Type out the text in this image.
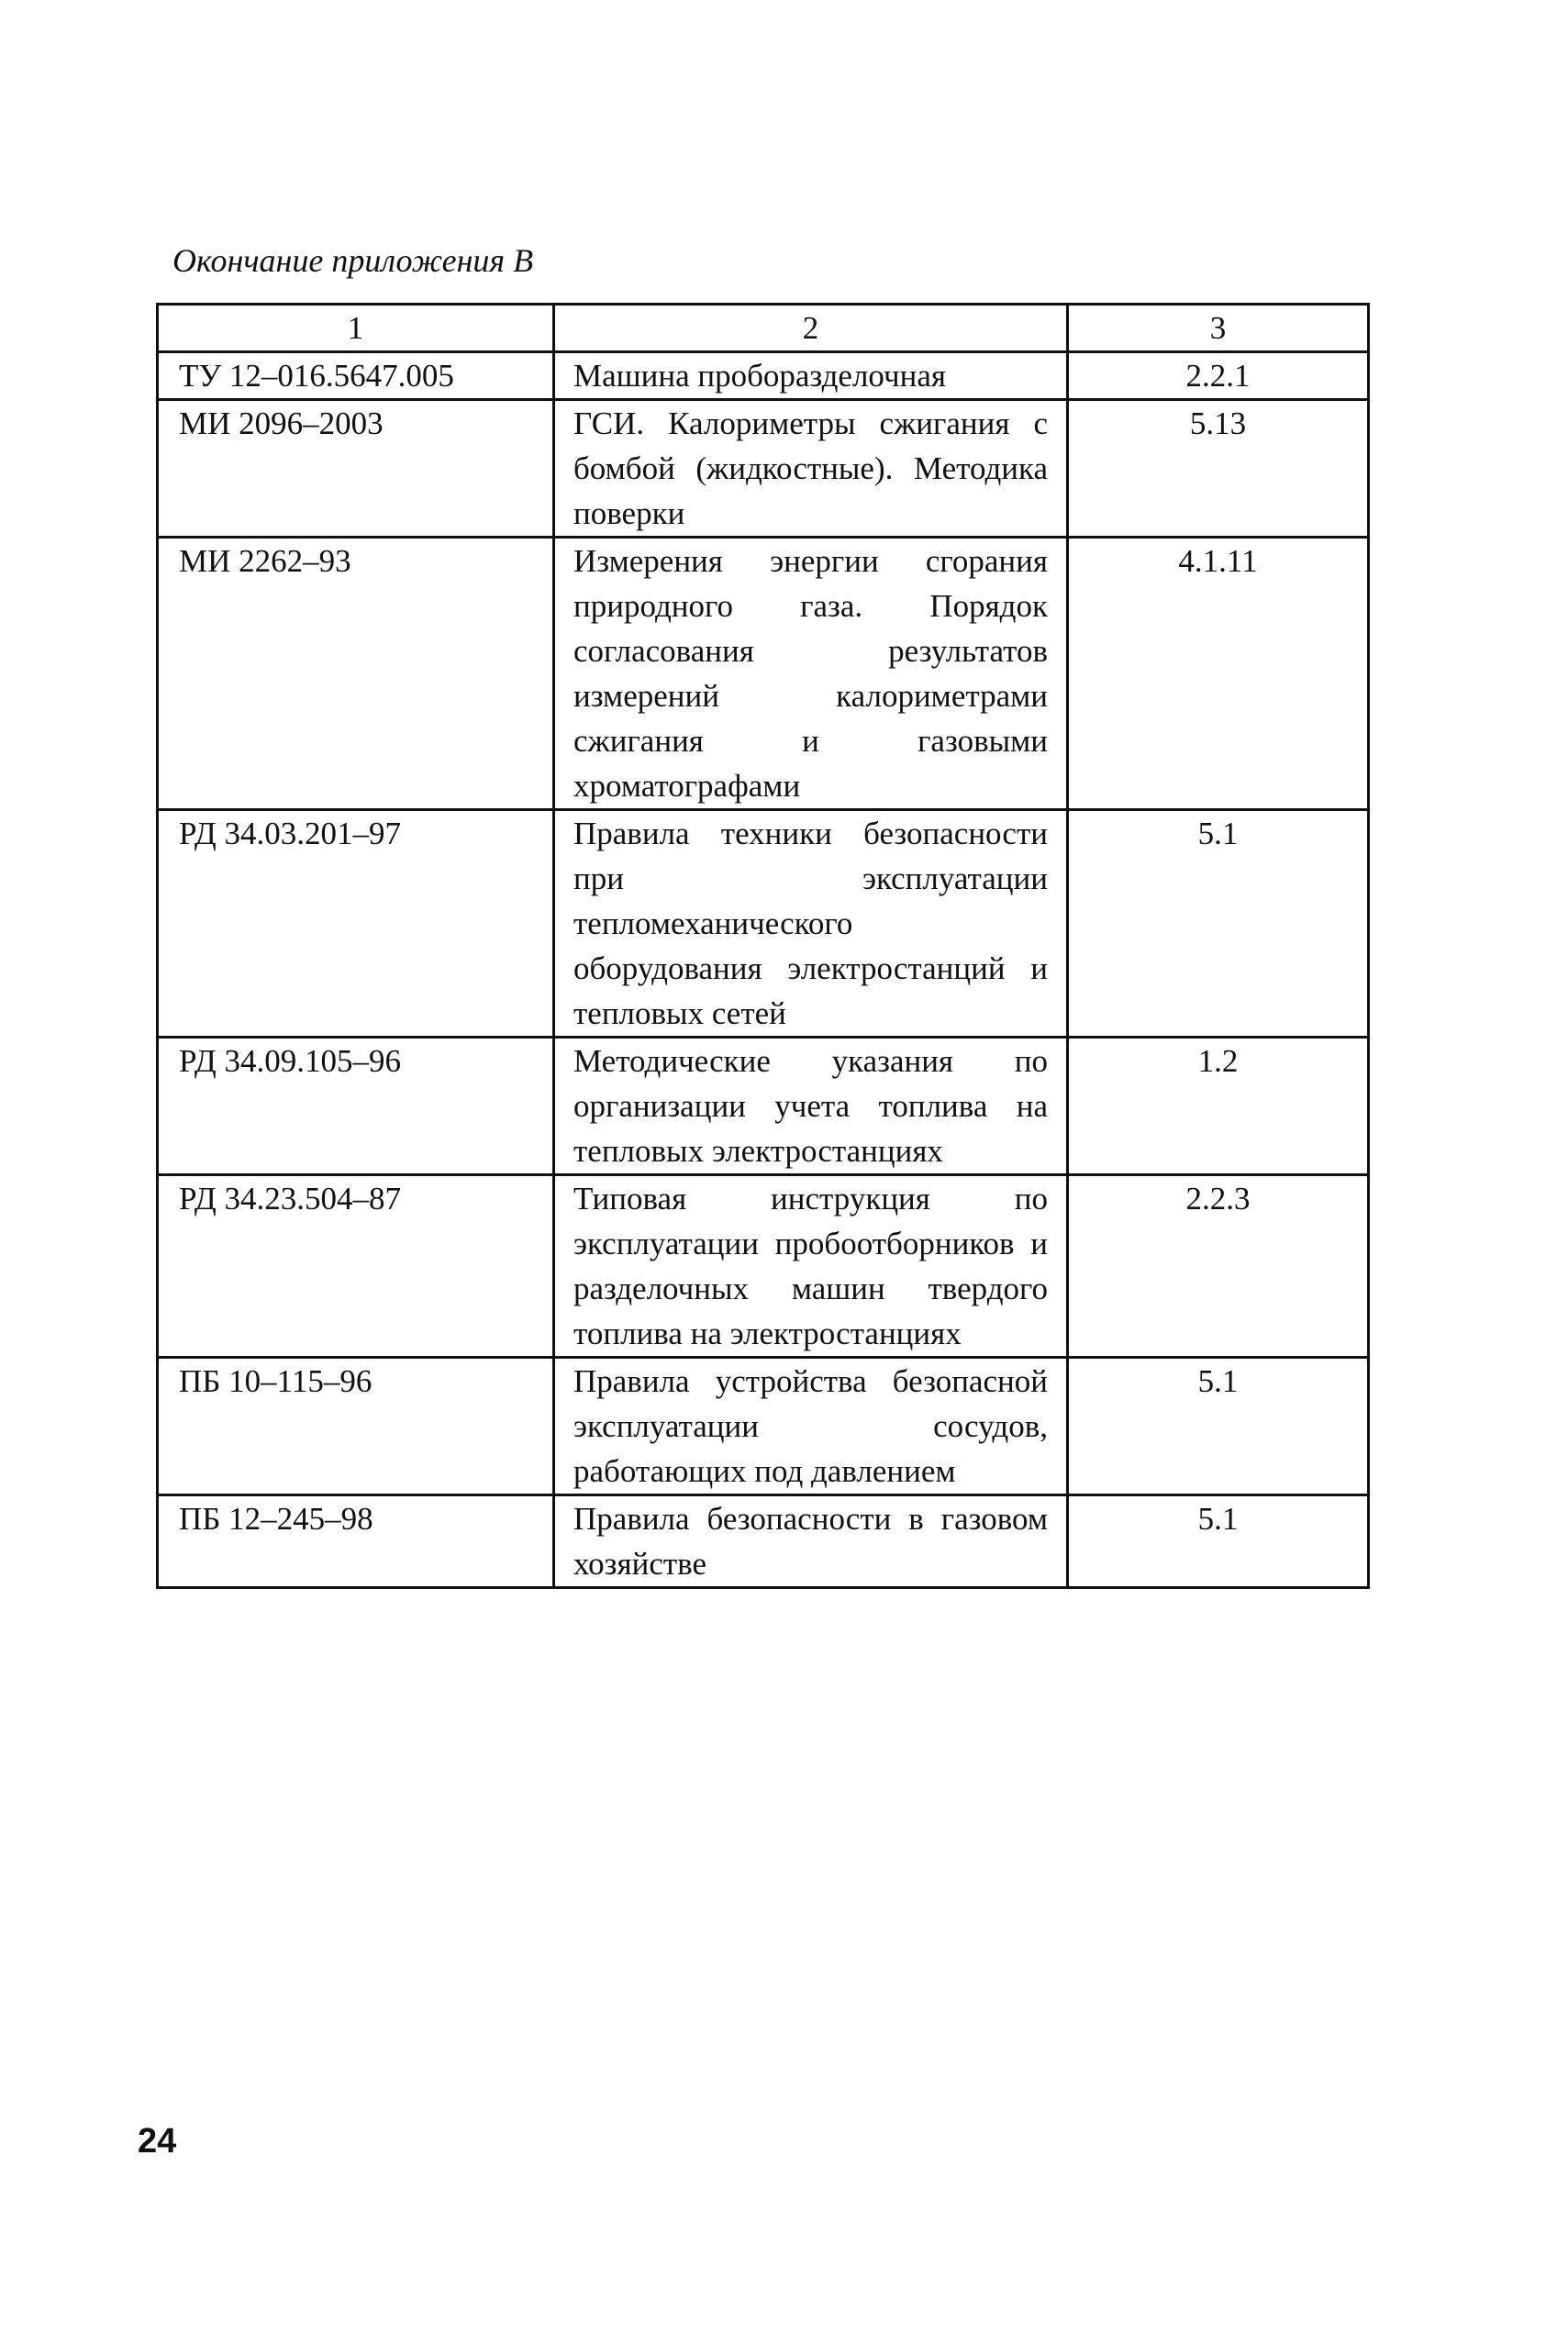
Окончание приложения В
1	2	3
ТУ 12–016.5647.005	Машина проборазделочная	2.2.1
МИ 2096–2003	ГСИ. Калориметры сжигания с бомбой (жидкостные). Методика поверки	5.13
МИ 2262–93	Измерения энергии сгорания природного газа. Порядок согласования результатов измерений калориметрами сжигания и газовыми хроматографами	4.1.11
РД 34.03.201–97	Правила техники безопасности при эксплуатации тепломеханического оборудования электростанций и тепловых сетей	5.1
РД 34.09.105–96	Методические указания по организации учета топлива на тепловых электростанциях	1.2
РД 34.23.504–87	Типовая инструкция по эксплуатации пробоотборников и разделочных машин твердого топлива на электростанциях	2.2.3
ПБ 10–115–96	Правила устройства безопасной эксплуатации сосудов, работающих под давлением	5.1
ПБ 12–245–98	Правила безопасности в газовом хозяйстве	5.1
24
